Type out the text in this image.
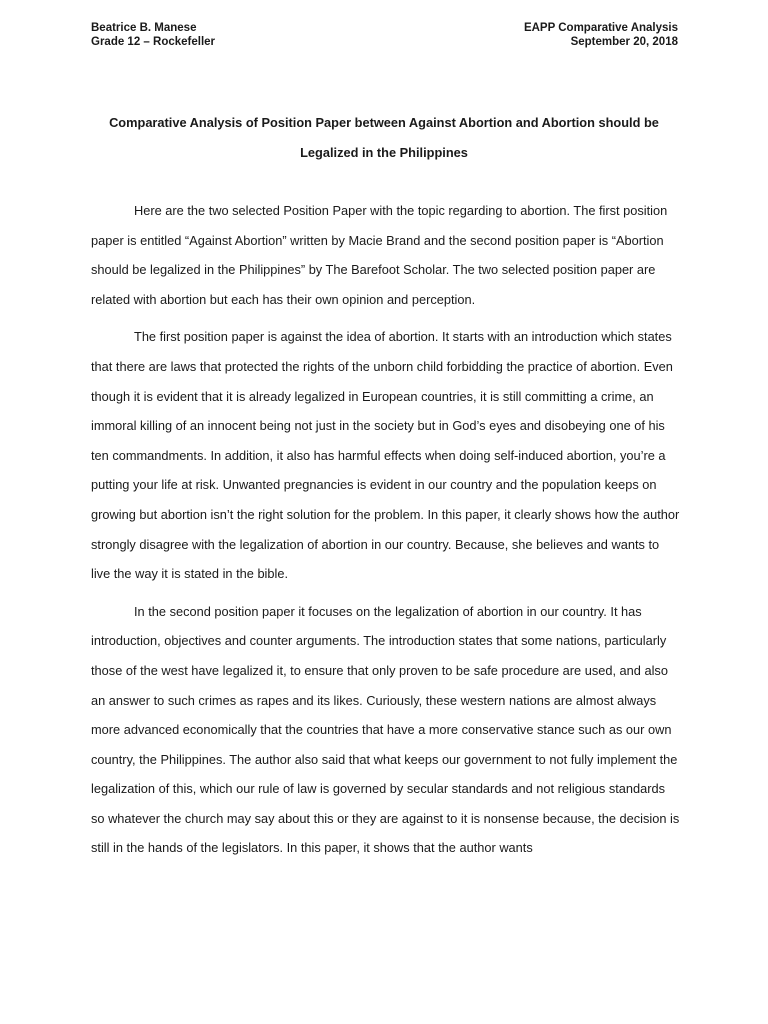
Beatrice B. Manese
Grade 12 – Rockefeller
EAPP Comparative Analysis
September 20, 2018
Comparative Analysis of Position Paper between Against Abortion and Abortion should be
Legalized in the Philippines

Here are the two selected Position Paper with the topic regarding to abortion. The first position paper is entitled “Against Abortion” written by Macie Brand and the second position paper is “Abortion should be legalized in the Philippines” by The Barefoot Scholar. The two selected position paper are related with abortion but each has their own opinion and perception.

The first position paper is against the idea of abortion. It starts with an introduction which states that there are laws that protected the rights of the unborn child forbidding the practice of abortion. Even though it is evident that it is already legalized in European countries, it is still committing a crime, an immoral killing of an innocent being not just in the society but in God’s eyes and disobeying one of his ten commandments. In addition, it also has harmful effects when doing self-induced abortion, you’re a putting your life at risk. Unwanted pregnancies is evident in our country and the population keeps on growing but abortion isn’t the right solution for the problem. In this paper, it clearly shows how the author strongly disagree with the legalization of abortion in our country. Because, she believes and wants to live the way it is stated in the bible.

In the second position paper it focuses on the legalization of abortion in our country. It has introduction, objectives and counter arguments. The introduction states that some nations, particularly those of the west have legalized it, to ensure that only proven to be safe procedure are used, and also an answer to such crimes as rapes and its likes. Curiously, these western nations are almost always more advanced economically that the countries that have a more conservative stance such as our own country, the Philippines. The author also said that what keeps our government to not fully implement the legalization of this, which our rule of law is governed by secular standards and not religious standards so whatever the church may say about this or they are against to it is nonsense because, the decision is still in the hands of the legislators. In this paper, it shows that the author wants
